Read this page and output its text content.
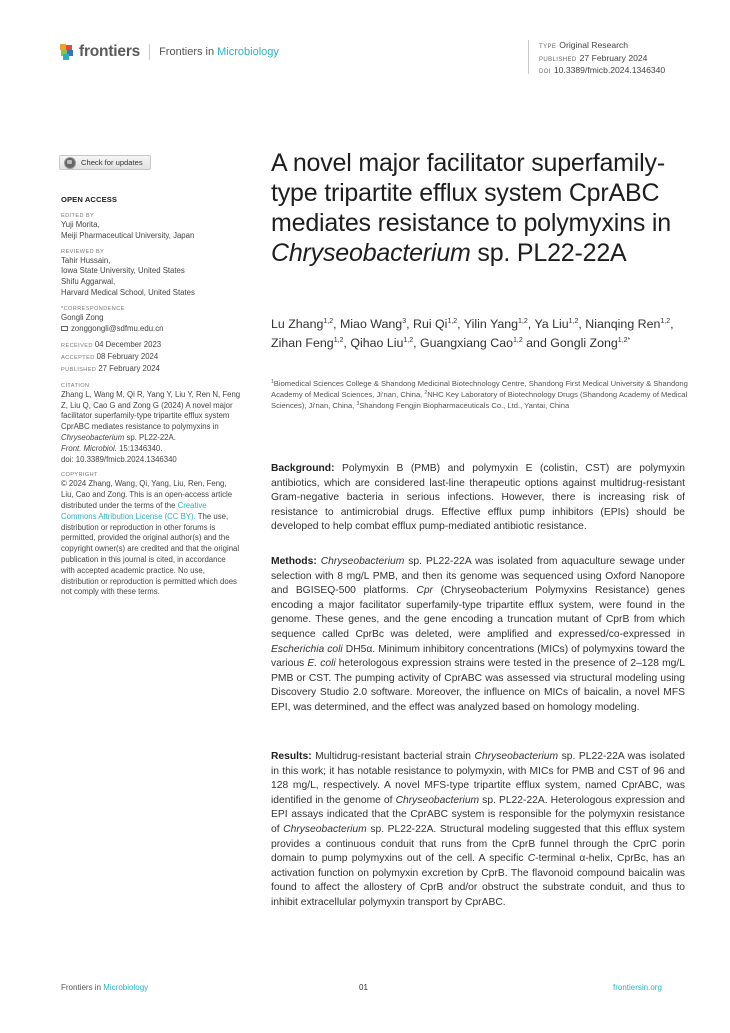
frontiers Frontiers in Microbiology	TYPE Original Research
PUBLISHED 27 February 2024
DOI 10.3389/fmicb.2024.1346340
Check for updates
OPEN ACCESS
EDITED BY
Yuji Morita,
Meiji Pharmaceutical University, Japan
REVIEWED BY
Tahir Hussain,
Iowa State University, United States
Shifu Aggarwal,
Harvard Medical School, United States
*CORRESPONDENCE
Gongli Zong
zonggongli@sdfmu.edu.cn
RECEIVED 04 December 2023
ACCEPTED 08 February 2024
PUBLISHED 27 February 2024
CITATION
Zhang L, Wang M, Qi R, Yang Y, Liu Y, Ren N, Feng Z, Liu Q, Cao G and Zong G (2024) A novel major facilitator superfamily-type tripartite efflux system CprABC mediates resistance to polymyxins in Chryseobacterium sp. PL22-22A.
Front. Microbiol. 15:1346340.
doi: 10.3389/fmicb.2024.1346340
COPYRIGHT
© 2024 Zhang, Wang, Qi, Yang, Liu, Ren, Feng, Liu, Cao and Zong. This is an open-access article distributed under the terms of the Creative Commons Attribution License (CC BY). The use, distribution or reproduction in other forums is permitted, provided the original author(s) and the copyright owner(s) are credited and that the original publication in this journal is cited, in accordance with accepted academic practice. No use, distribution or reproduction is permitted which does not comply with these terms.
A novel major facilitator superfamily-type tripartite efflux system CprABC mediates resistance to polymyxins in Chryseobacterium sp. PL22-22A
Lu Zhang$^{1,2}$, Miao Wang$^3$, Rui Qi$^{1,2}$, Yilin Yang$^{1,2}$, Ya Liu$^{1,2}$, Nianqing Ren$^{1,2}$, Zihan Feng$^{1,2}$, Qihao Liu$^{1,2}$, Guangxiang Cao$^{1,2}$ and Gongli Zong$^{1,2*}$
$^1$Biomedical Sciences College & Shandong Medicinal Biotechnology Centre, Shandong First Medical University & Shandong Academy of Medical Sciences, Ji'nan, China, $^2$NHC Key Laboratory of Biotechnology Drugs (Shandong Academy of Medical Sciences), Ji'nan, China, $^3$Shandong Fengjin Biopharmaceuticals Co., Ltd., Yantai, China
Background: Polymyxin B (PMB) and polymyxin E (colistin, CST) are polymyxin antibiotics, which are considered last-line therapeutic options against multidrug-resistant Gram-negative bacteria in serious infections. However, there is increasing risk of resistance to antimicrobial drugs. Effective efflux pump inhibitors (EPIs) should be developed to help combat efflux pump-mediated antibiotic resistance.
Methods: Chryseobacterium sp. PL22-22A was isolated from aquaculture sewage under selection with 8 mg/L PMB, and then its genome was sequenced using Oxford Nanopore and BGISEQ-500 platforms. Cpr (Chryseobacterium Polymyxins Resistance) genes encoding a major facilitator superfamily-type tripartite efflux system, were found in the genome. These genes, and the gene encoding a truncation mutant of CprB from which sequence called CprBc was deleted, were amplified and expressed/co-expressed in Escherichia coli DH5α. Minimum inhibitory concentrations (MICs) of polymyxins toward the various E. coli heterologous expression strains were tested in the presence of 2–128 mg/L PMB or CST. The pumping activity of CprABC was assessed via structural modeling using Discovery Studio 2.0 software. Moreover, the influence on MICs of baicalin, a novel MFS EPI, was determined, and the effect was analyzed based on homology modeling.
Results: Multidrug-resistant bacterial strain Chryseobacterium sp. PL22-22A was isolated in this work; it has notable resistance to polymyxin, with MICs for PMB and CST of 96 and 128 mg/L, respectively. A novel MFS-type tripartite efflux system, named CprABC, was identified in the genome of Chryseobacterium sp. PL22-22A. Heterologous expression and EPI assays indicated that the CprABC system is responsible for the polymyxin resistance of Chryseobacterium sp. PL22-22A. Structural modeling suggested that this efflux system provides a continuous conduit that runs from the CprB funnel through the CprC porin domain to pump polymyxins out of the cell. A specific C-terminal α-helix, CprBc, has an activation function on polymyxin excretion by CprB. The flavonoid compound baicalin was found to affect the allostery of CprB and/or obstruct the substrate conduit, and thus to inhibit extracellular polymyxin transport by CprABC.
Frontiers in Microbiology	01	frontiersin.org
